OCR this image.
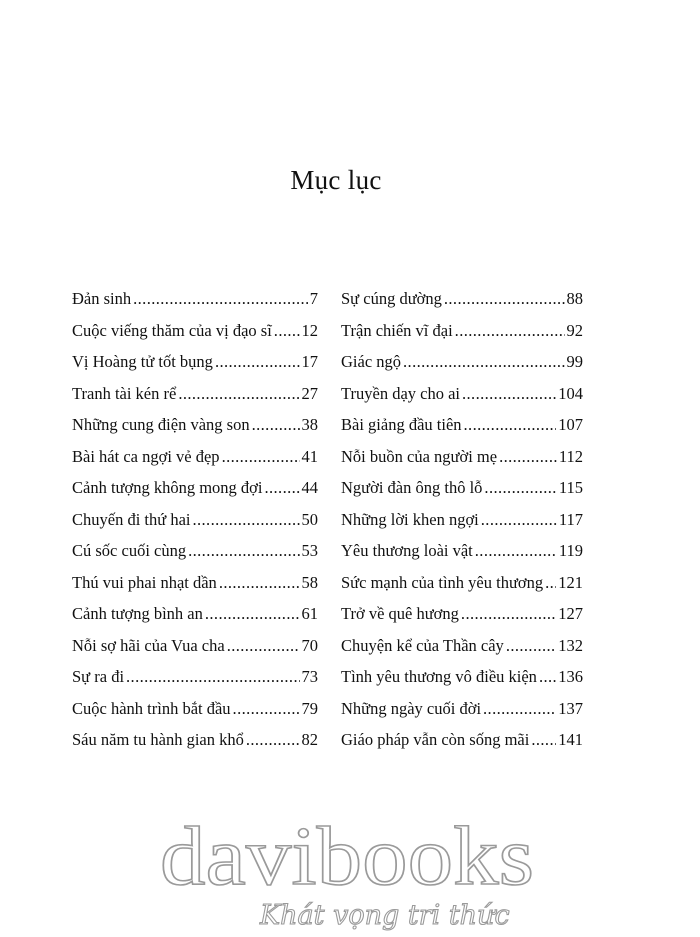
Mục lục
Đản sinh .....	7
Cuộc viếng thăm của vị đạo sĩ ..... 12
Vị Hoàng tử tốt bụng .....	17
Tranh tài kén rể .....	27
Những cung điện vàng son .....	38
Bài hát ca ngợi vẻ đẹp .....	41
Cảnh tượng không mong đợi ..... 44
Chuyến đi thứ hai .....	50
Cú sốc cuối cùng .....	53
Thú vui phai nhạt dần .....	58
Cảnh tượng bình an .....	61
Nỗi sợ hãi của Vua cha .....	70
Sự ra đi .....	73
Cuộc hành trình bắt đầu .....	79
Sáu năm tu hành gian khổ .....	82
Sự cúng dường .....	88
Trận chiến vĩ đại .....	92
Giác ngộ .....	99
Truyền dạy cho ai .....	104
Bài giảng đầu tiên .....	107
Nỗi buồn của người mẹ .....	112
Người đàn ông thô lỗ .....	115
Những lời khen ngợi .....	117
Yêu thương loài vật .....	119
Sức mạnh của tình yêu thương ..... 121
Trở về quê hương .....	127
Chuyện kể của Thần cây .....	132
Tình yêu thương vô điều kiện ..... 136
Những ngày cuối đời .....	137
Giáo pháp vẫn còn sống mãi ..... 141
davibooks
Khát vọng tri thức
